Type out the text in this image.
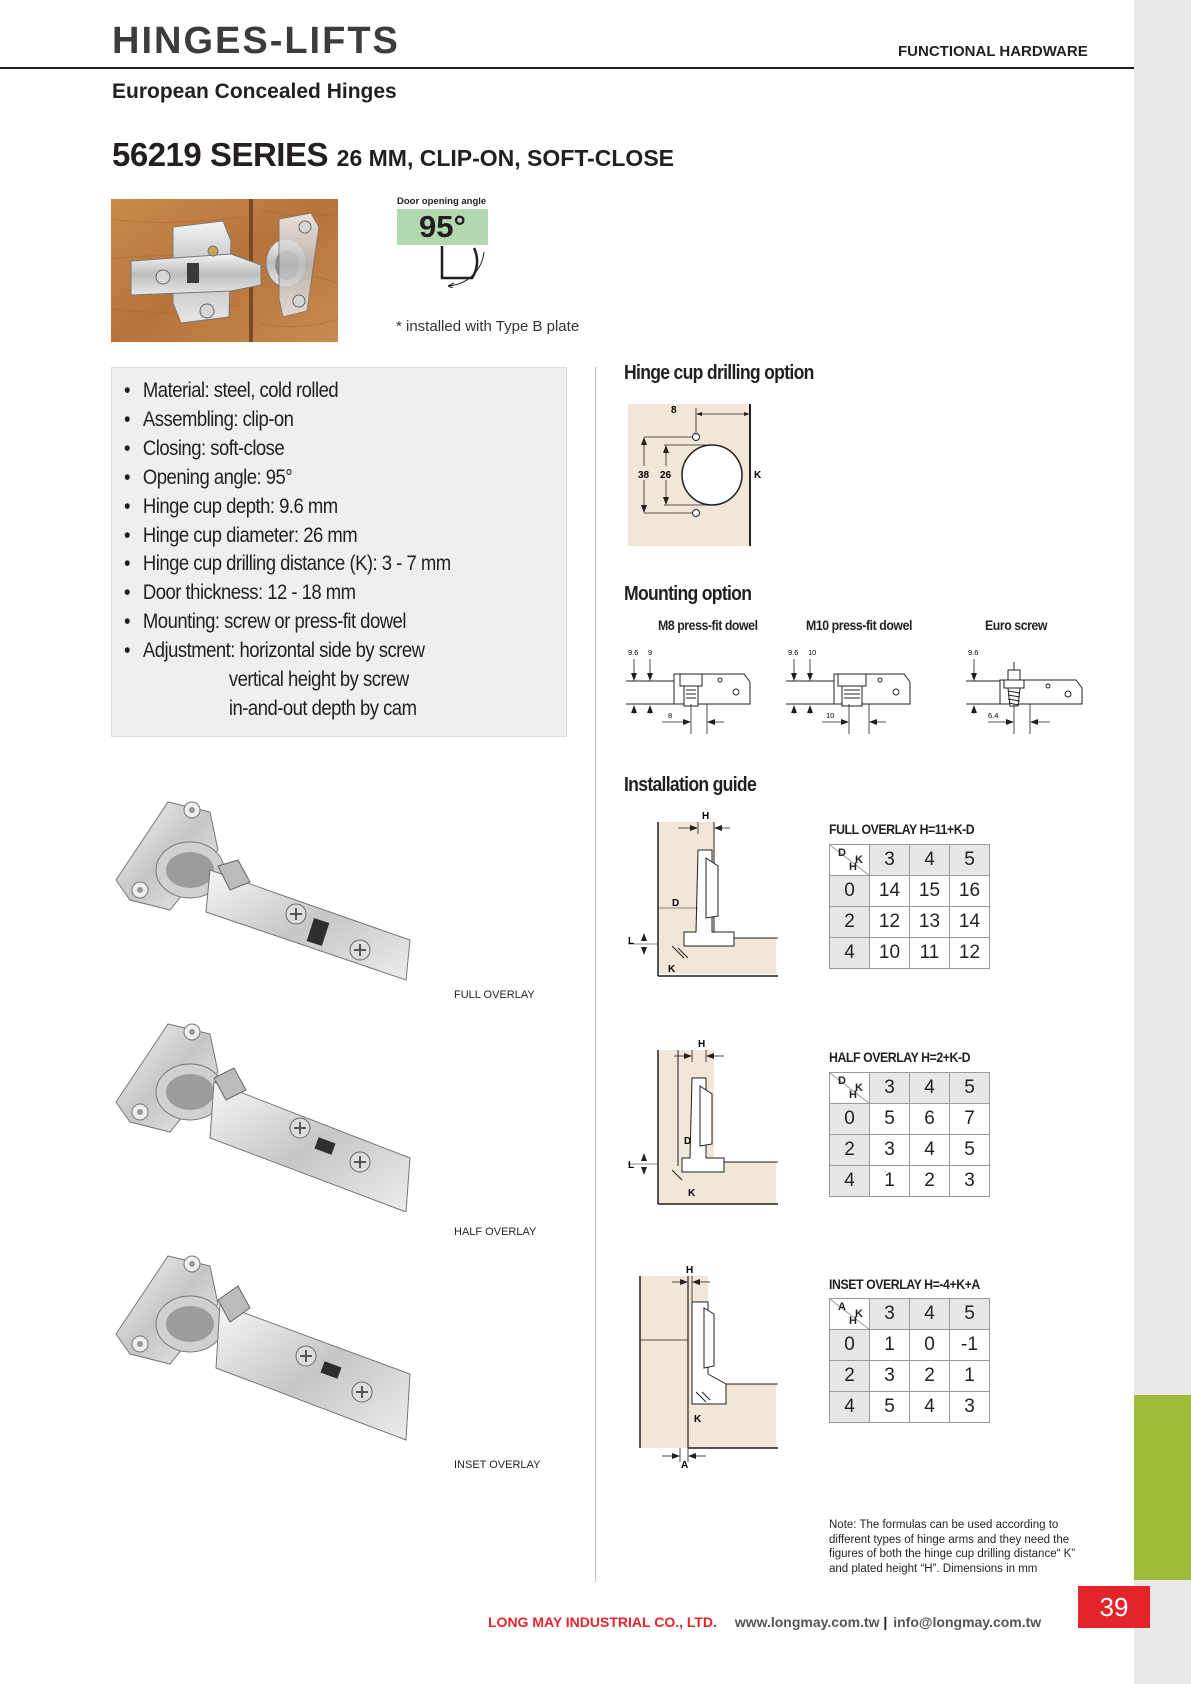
39
HINGES-LIFTS	FUNCTIONAL HARDWARE
European Concealed Hinges
56219 SERIES 26 MM, CLIP-ON, SOFT-CLOSE
Door opening angle
95°
* installed with Type B plate
• Material: steel, cold rolled
• Assembling: clip-on
• Closing: soft-close
• Opening angle: 95°
• Hinge cup depth: 9.6 mm
• Hinge cup diameter: 26 mm
• Hinge cup drilling distance (K): 3 - 7 mm
• Door thickness: 12 - 18 mm
• Mounting: screw or press-fit dowel
• Adjustment: horizontal side by screw
vertical height by screw
in-and-out depth by cam
Hinge cup drilling option
8
38 26	K
Mounting option
M8 press-fit dowel	M10 press-fit dowel	Euro screw
9.6 9
8
9.6 10
10
9.6
6.4
Installation guide
FULL OVERLAY
HALF OVERLAY
INSET OVERLAY
H
D
L
K
H
D
L
K
H
K
A
FULL OVERLAY H=11+K-D
D
K
H	3	4	5
0	14	15	16
2	12	13	14
4	10	11	12
HALF OVERLAY H=2+K-D
D
K
H	3	4	5
0	5	6	7
2	3	4	5
4	1	2	3
INSET OVERLAY H=-4+K+A
A
K
H	3	4	5
0	1	0	-1
2	3	2	1
4	5	4	3
Note: The formulas can be used according to different types of hinge arms and they need the figures of both the hinge cup drilling distance“ K” and plated height “H”. Dimensions in mm
LONG MAY INDUSTRIAL CO., LTD. www.longmay.com.tw | info@longmay.com.tw
